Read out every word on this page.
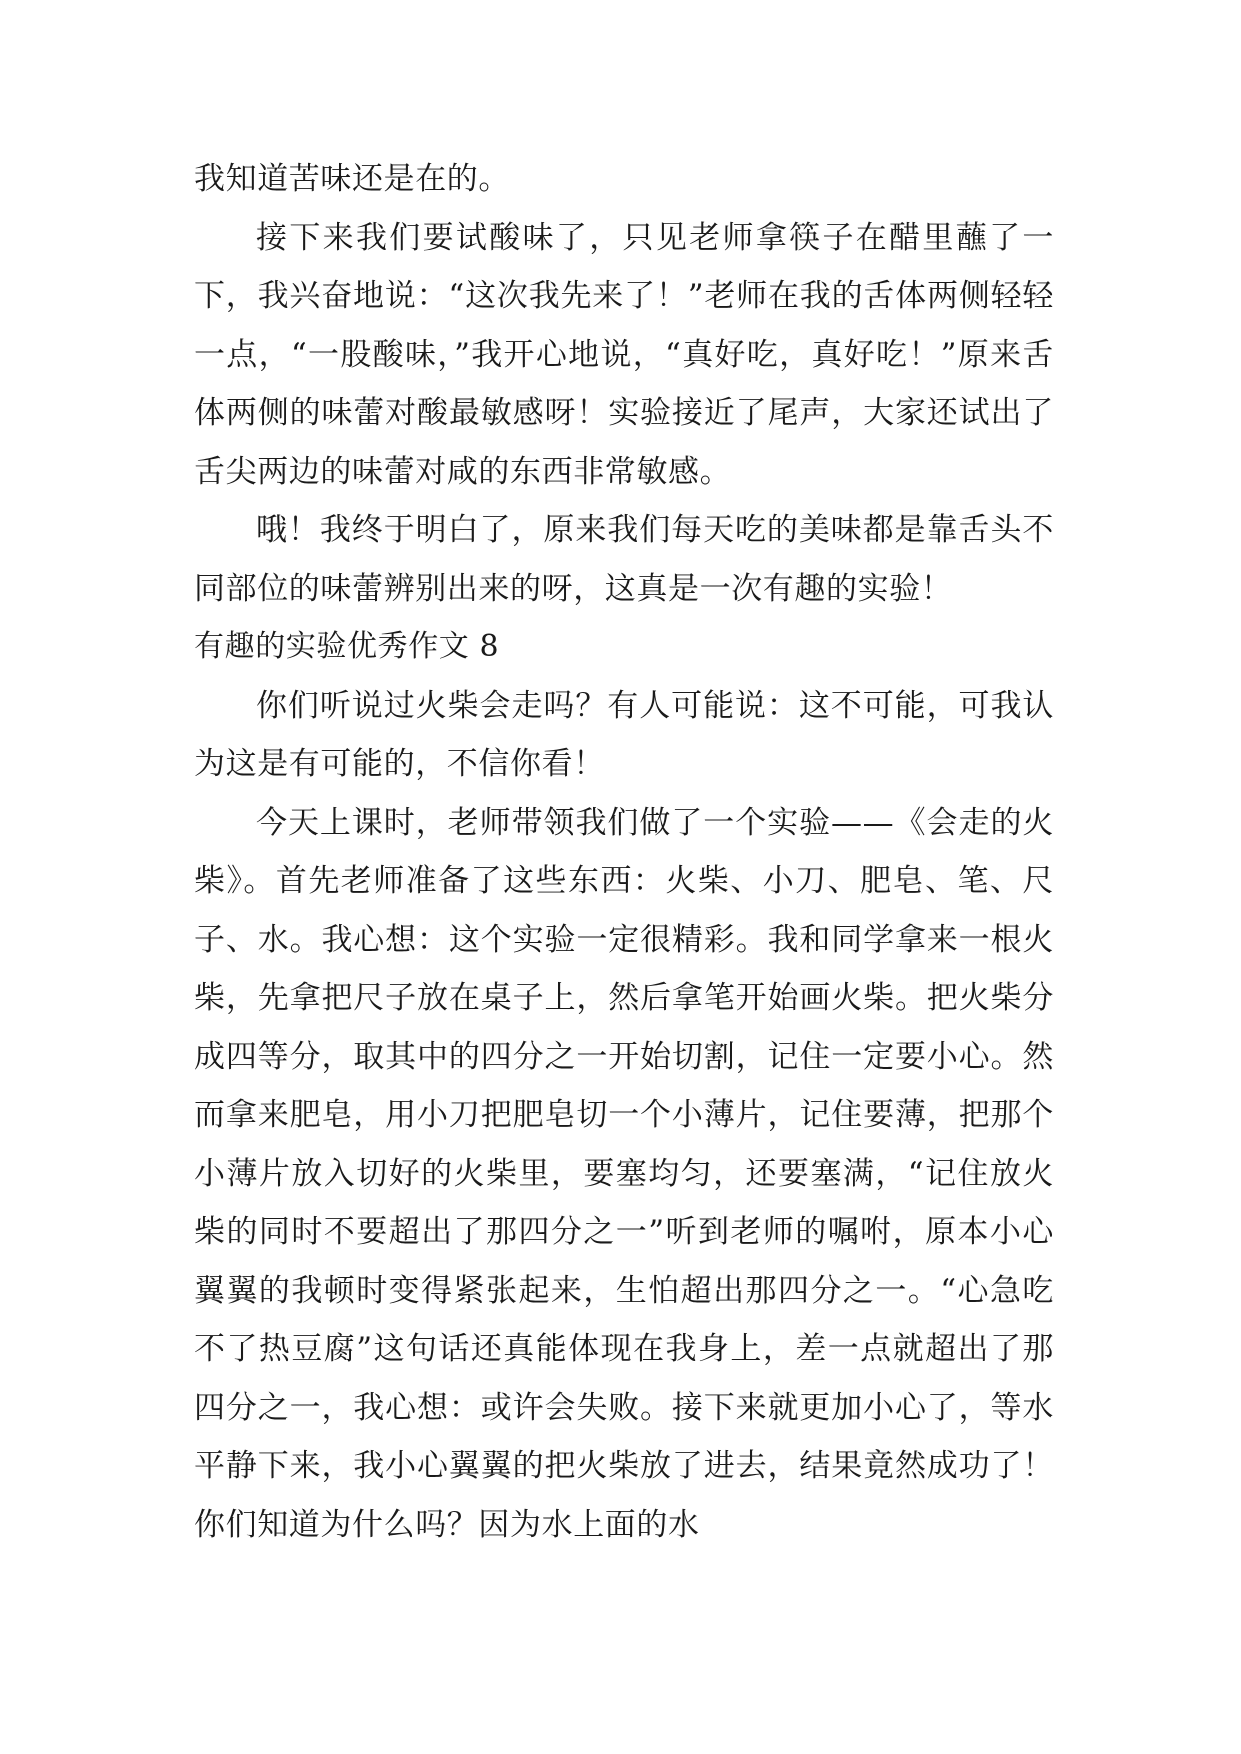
我知道苦味还是在的。

接下来我们要试酸味了，只见老师拿筷子在醋里蘸了一下，我兴奋地说：“这次我先来了！”老师在我的舌体两侧轻轻一点，“一股酸味，”我开心地说，“真好吃，真好吃！”原来舌体两侧的味蕾对酸最敏感呀！实验接近了尾声，大家还试出了舌尖两边的味蕾对咸的东西非常敏感。

哦！我终于明白了，原来我们每天吃的美味都是靠舌头不同部位的味蕾辨别出来的呀，这真是一次有趣的实验！

有趣的实验优秀作文 8

你们听说过火柴会走吗？有人可能说：这不可能，可我认为这是有可能的，不信你看！

今天上课时，老师带领我们做了一个实验——《会走的火柴》。首先老师准备了这些东西：火柴、小刀、肥皂、笔、尺子、水。我心想：这个实验一定很精彩。我和同学拿来一根火柴，先拿把尺子放在桌子上，然后拿笔开始画火柴。把火柴分成四等分，取其中的四分之一开始切割，记住一定要小心。然而拿来肥皂，用小刀把肥皂切一个小薄片，记住要薄，把那个小薄片放入切好的火柴里，要塞均匀，还要塞满，“记住放火柴的同时不要超出了那四分之一”听到老师的嘱咐，原本小心翼翼的我顿时变得紧张起来，生怕超出那四分之一。“心急吃不了热豆腐”这句话还真能体现在我身上，差一点就超出了那四分之一，我心想：或许会失败。接下来就更加小心了，等水平静下来，我小心翼翼的把火柴放了进去，结果竟然成功了！你们知道为什么吗？因为水上面的水
